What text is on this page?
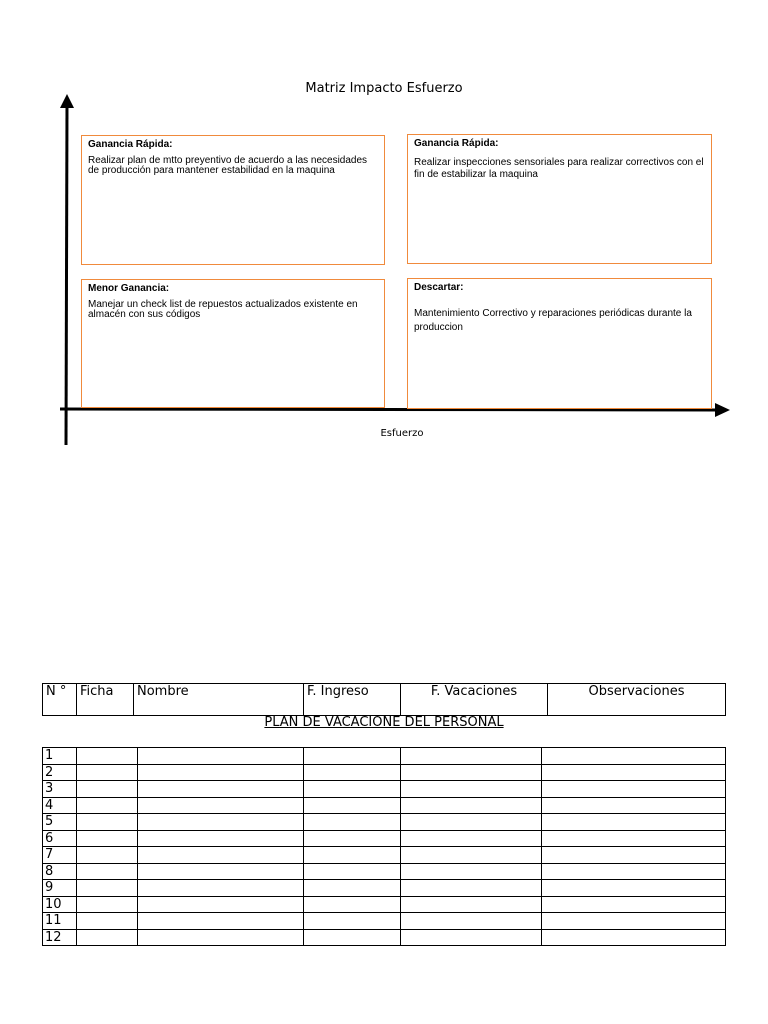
Matriz Impacto Esfuerzo
Ganancia Rápida:
Realizar plan de mtto preyentivo de acuerdo a las necesidades de producción para mantener estabilidad en la maquina
Ganancia Rápida:
Realizar inspecciones sensoriales para realizar correctivos con el fin de estabilizar la maquina
Menor Ganancia:
Manejar un check list de repuestos actualizados existente en almacén con sus códigos
Descartar:
Mantenimiento Correctivo y reparaciones periódicas durante la produccion
Esfuerzo
N °	Ficha	Nombre	F. Ingreso	F. Vacaciones	Observaciones
PLAN DE VACACIONE DEL PERSONAL
1					
2					
3					
4					
5					
6					
7					
8					
9					
10					
11					
12					
